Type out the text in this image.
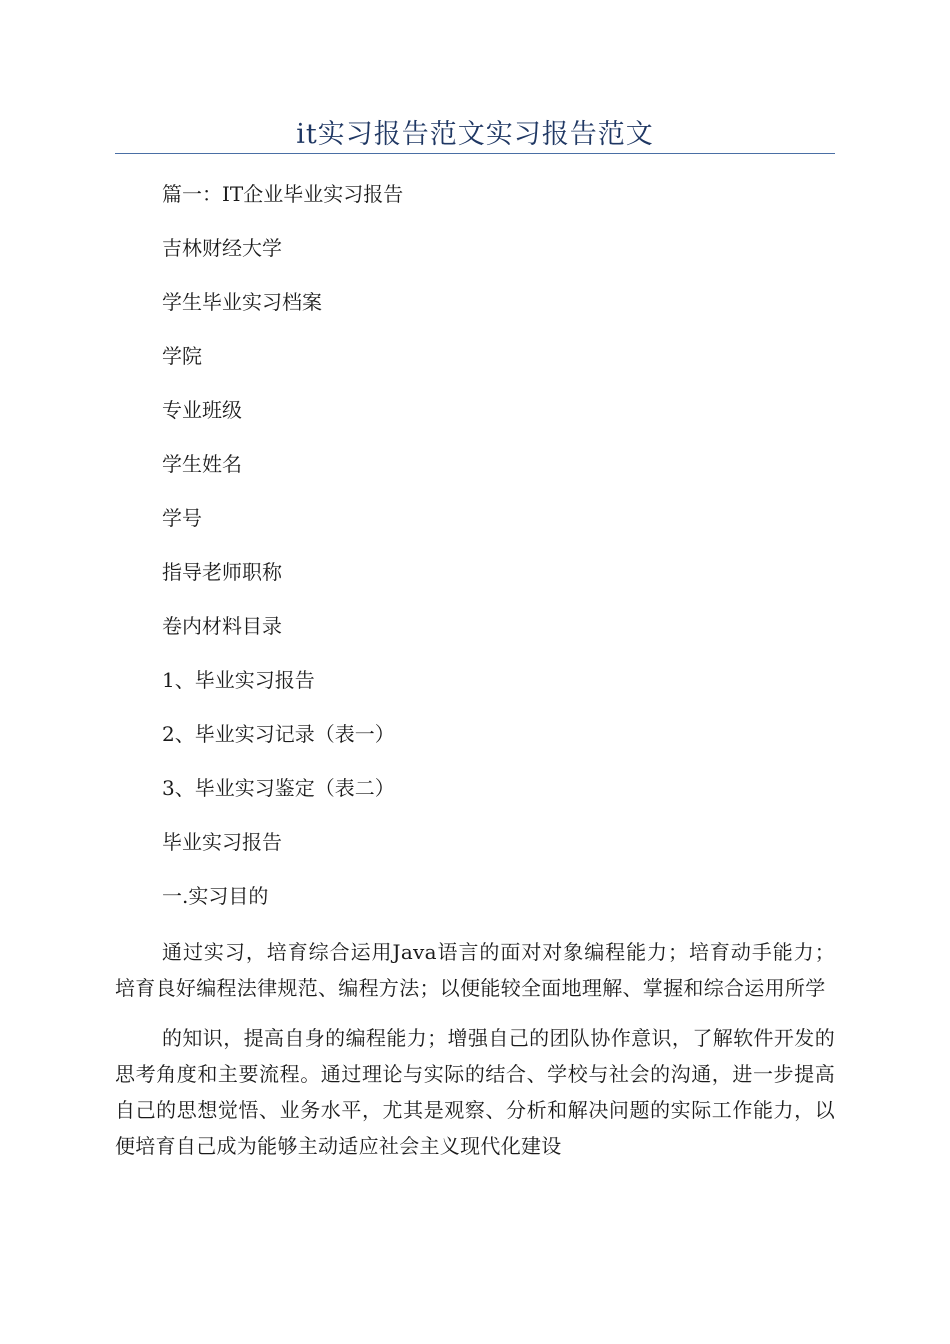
it实习报告范文实习报告范文
篇一：IT企业毕业实习报告
吉林财经大学
学生毕业实习档案
学院
专业班级
学生姓名
学号
指导老师职称
卷内材料目录
1、毕业实习报告
2、毕业实习记录（表一）
3、毕业实习鉴定（表二）
毕业实习报告
一.实习目的

通过实习，培育综合运用Java语言的面对对象编程能力；培育动手能力；培育良好编程法律规范、编程方法；以便能较全面地理解、掌握和综合运用所学

的知识，提高自身的编程能力；增强自己的团队协作意识，了解软件开发的思考角度和主要流程。通过理论与实际的结合、学校与社会的沟通，进一步提高自己的思想觉悟、业务水平，尤其是观察、分析和解决问题的实际工作能力，以便培育自己成为能够主动适应社会主义现代化建设
